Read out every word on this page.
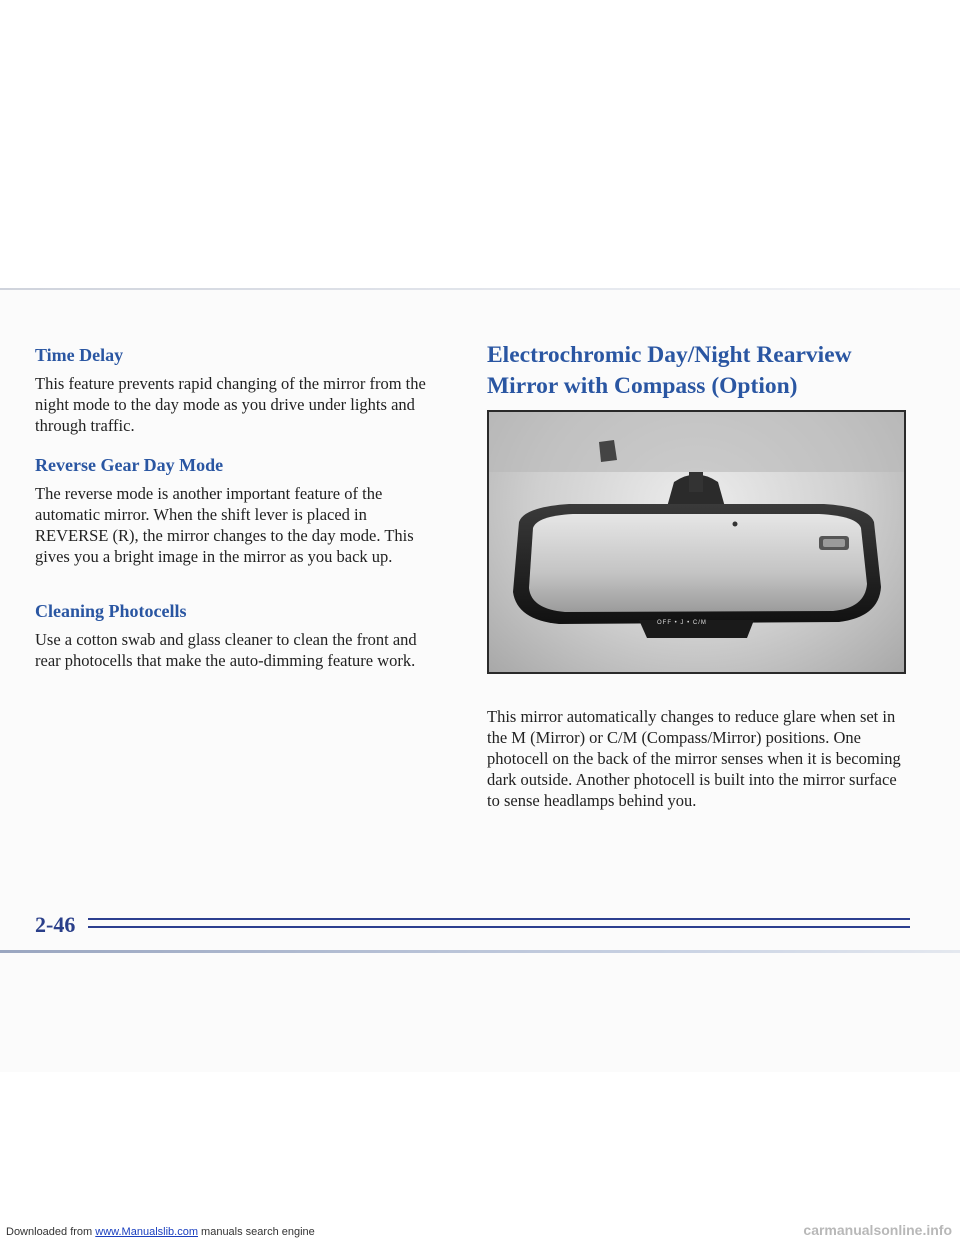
Time Delay

This feature prevents rapid changing of the mirror from the night mode to the day mode as you drive under lights and through traffic.

Reverse Gear Day Mode

The reverse mode is another important feature of the automatic mirror. When the shift lever is placed in REVERSE (R), the mirror changes to the day mode. This gives you a bright image in the mirror as you back up.

Cleaning Photocells

Use a cotton swab and glass cleaner to clean the front and rear photocells that make the auto-dimming feature work.

Electrochromic Day/Night Rearview Mirror with Compass (Option)
OFF • J • C/M

This mirror automatically changes to reduce glare when set in the M (Mirror) or C/M (Compass/Mirror) positions. One photocell on the back of the mirror senses when it is becoming dark outside. Another photocell is built into the mirror surface to sense headlamps behind you.

2-46
Downloaded from www.Manualslib.com manuals search engine	carmanualsonline.info
